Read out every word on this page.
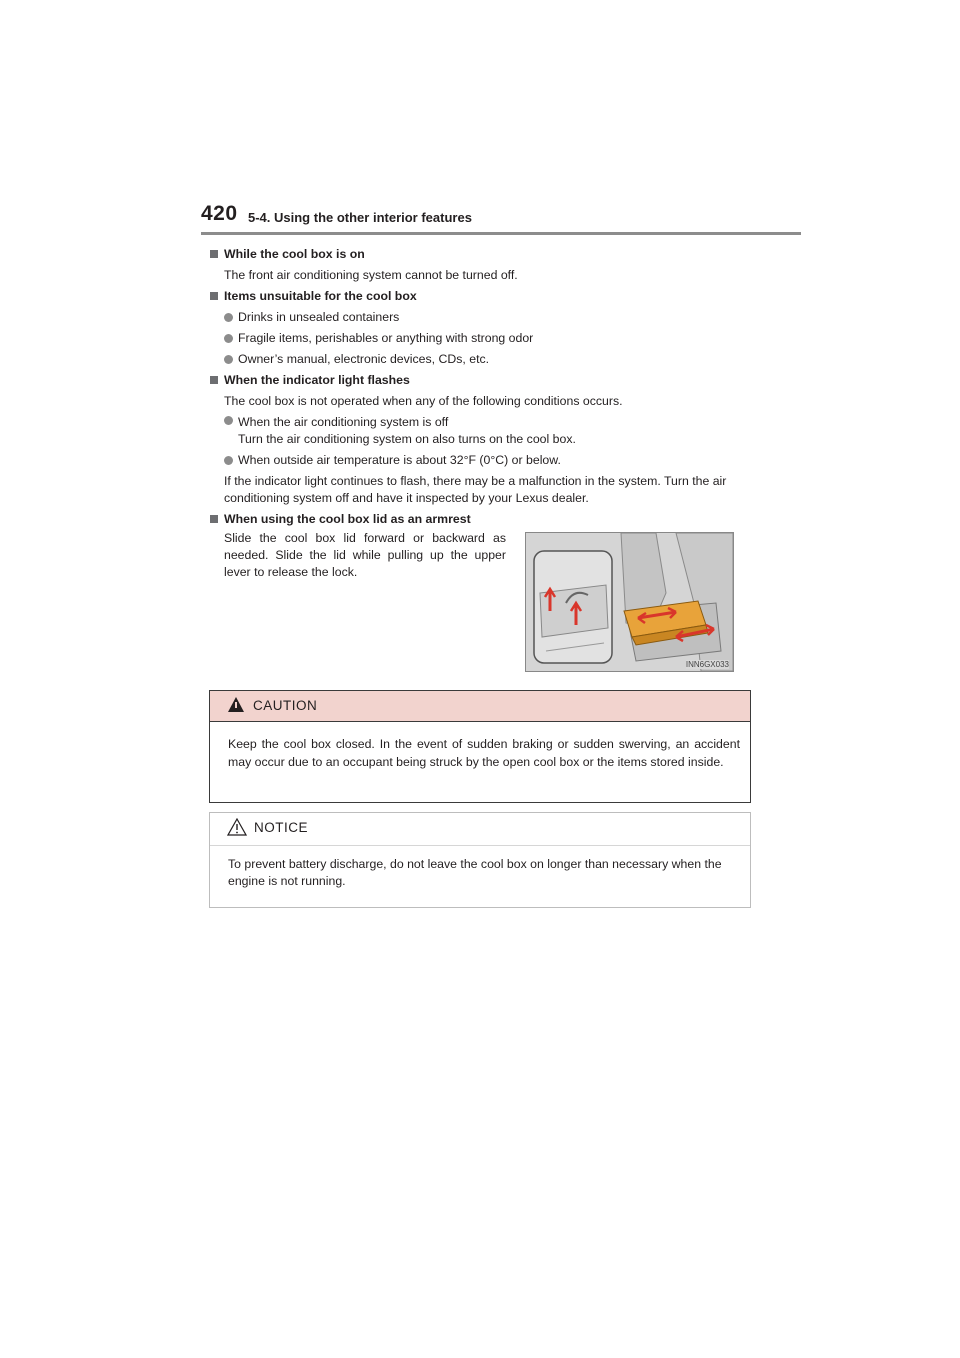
420 5-4. Using the other interior features
While the cool box is on
The front air conditioning system cannot be turned off.
Items unsuitable for the cool box
Drinks in unsealed containers
Fragile items, perishables or anything with strong odor
Owner’s manual, electronic devices, CDs, etc.
When the indicator light flashes
The cool box is not operated when any of the following conditions occurs.
When the air conditioning system is off
Turn the air conditioning system on also turns on the cool box.
When outside air temperature is about 32°F (0°C) or below.
If the indicator light continues to flash, there may be a malfunction in the system. Turn the air conditioning system off and have it inspected by your Lexus dealer.
When using the cool box lid as an armrest
Slide the cool box lid forward or backward as needed. Slide the lid while pulling up the upper lever to release the lock.
INN6GX033
CAUTION
Keep the cool box closed. In the event of sudden braking or sudden swerving, an accident may occur due to an occupant being struck by the open cool box or the items stored inside.
NOTICE
To prevent battery discharge, do not leave the cool box on longer than necessary when the engine is not running.
